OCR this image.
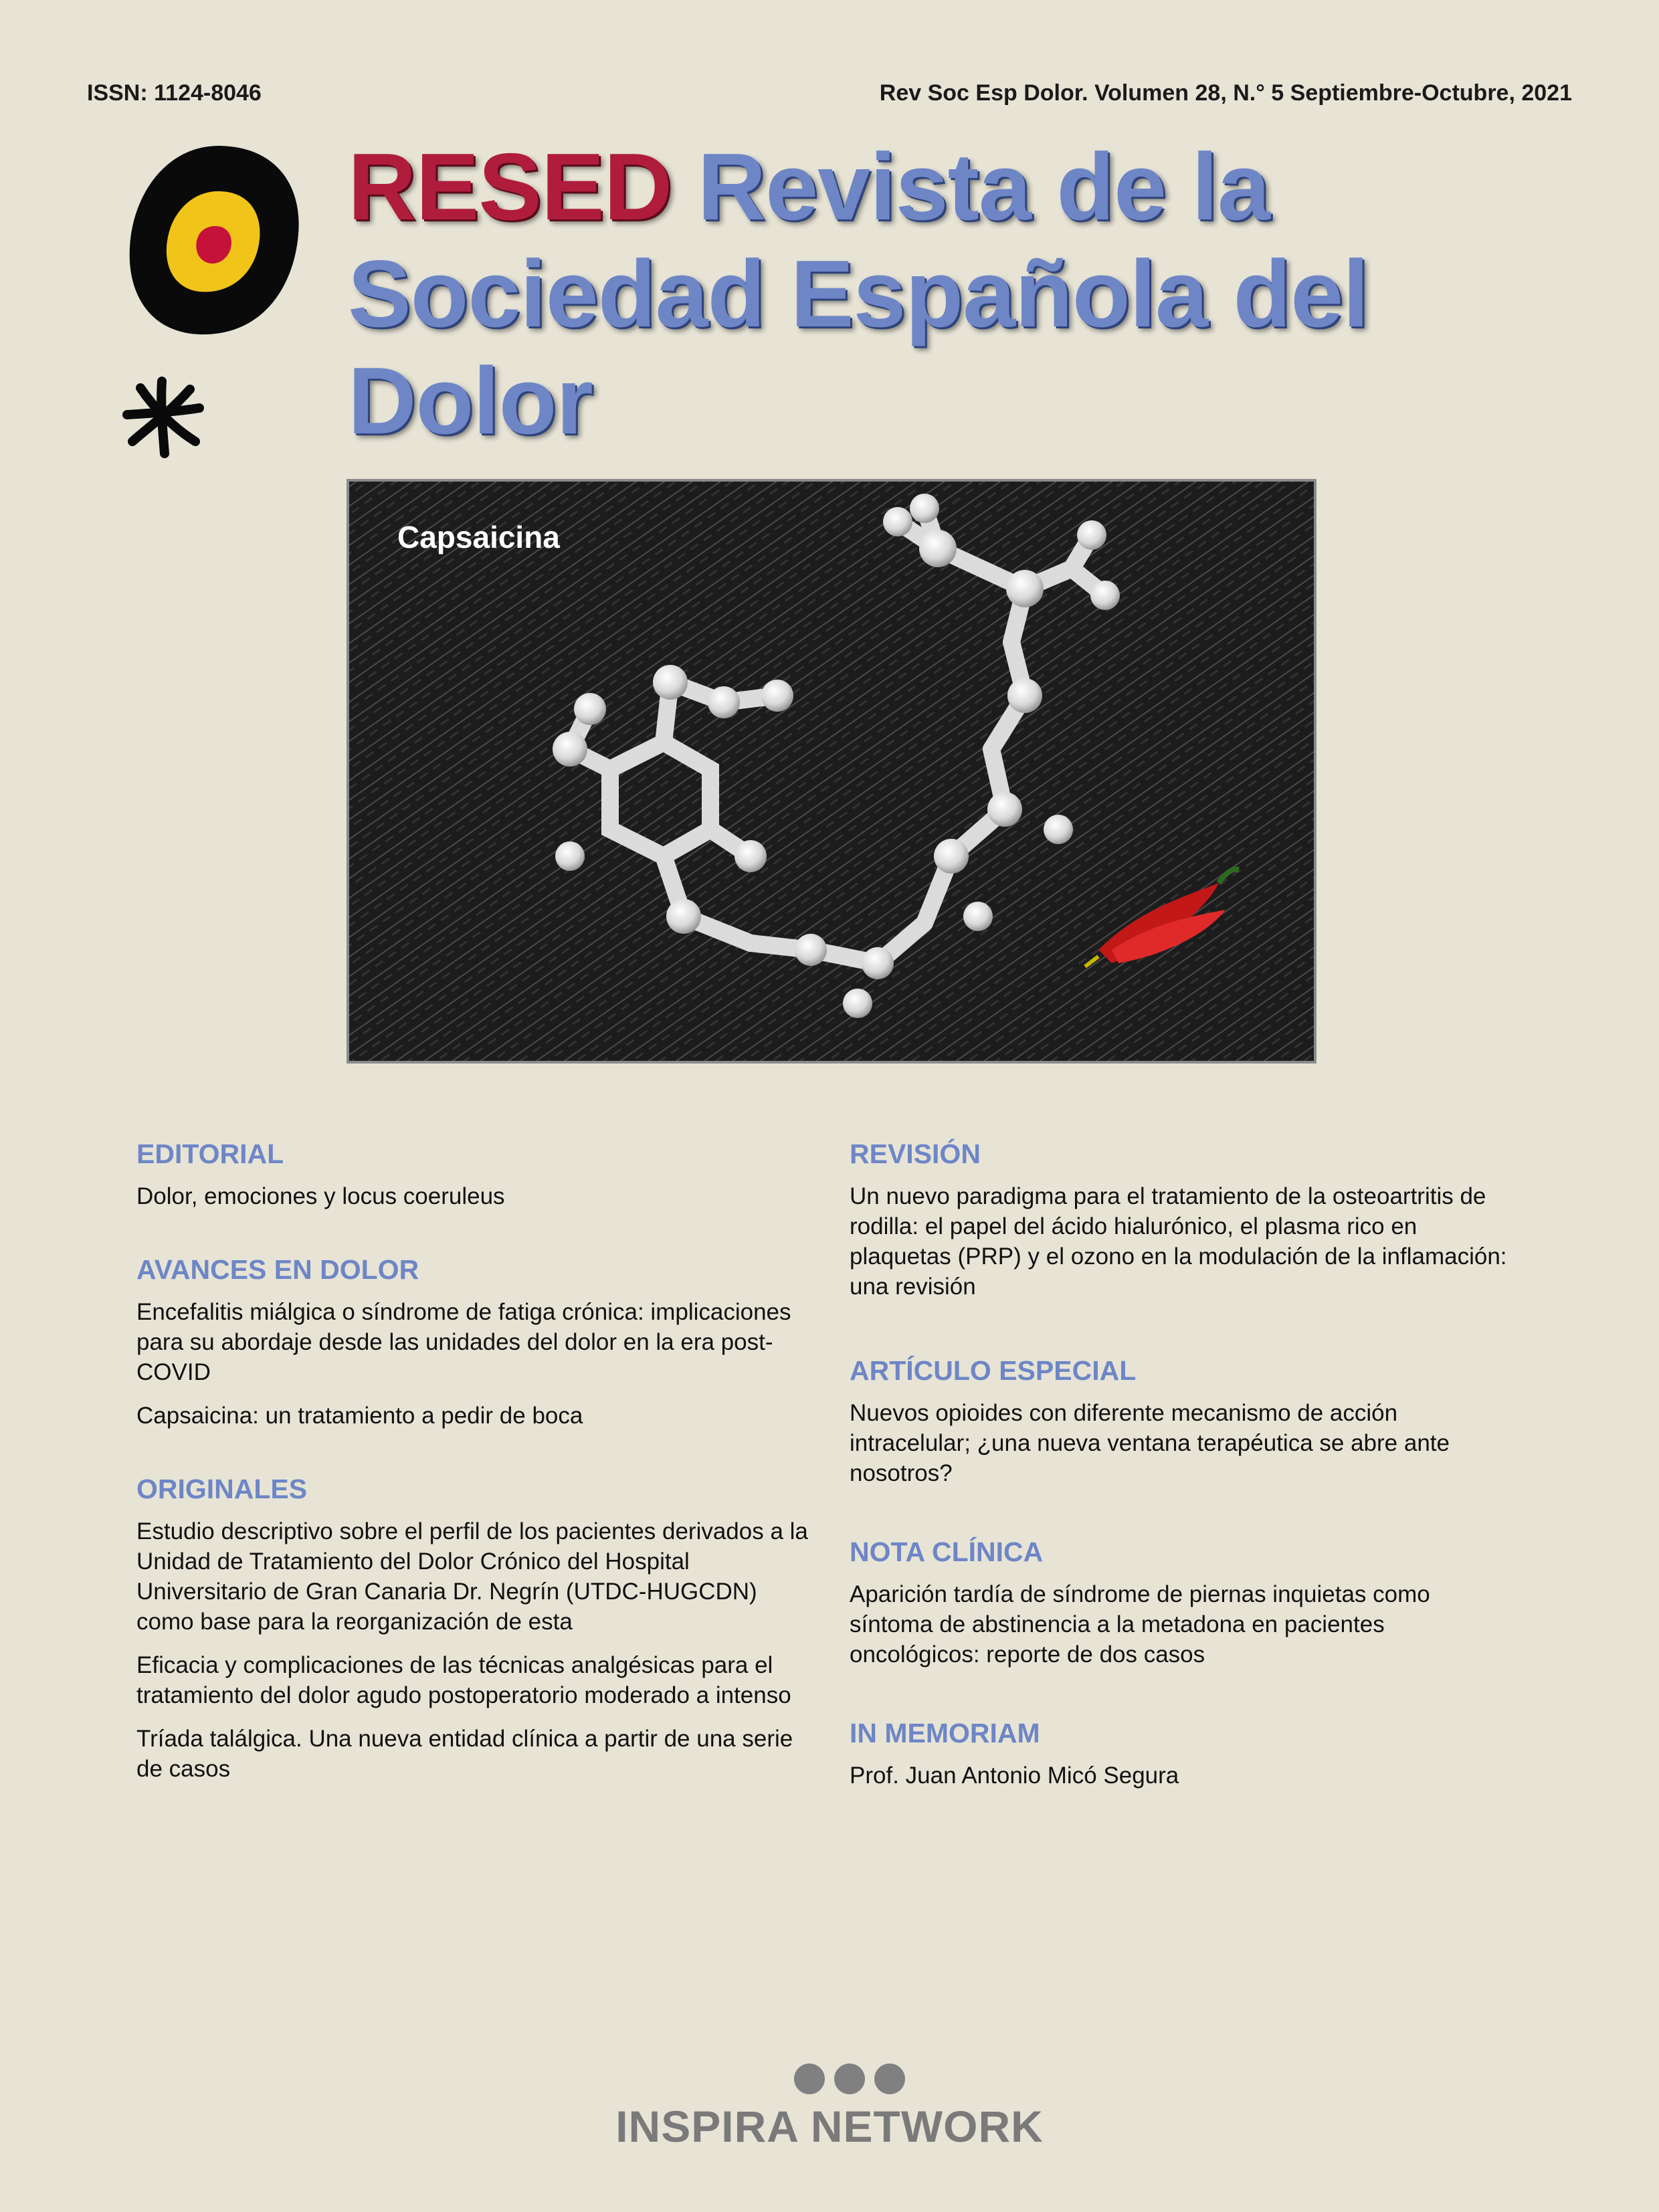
ISSN: 1124-8046	Rev Soc Esp Dolor. Volumen 28, N.° 5 Septiembre-Octubre, 2021
RESED Revista de la
Sociedad Española del Dolor
Capsaicina
EDITORIAL
Dolor, emociones y locus coeruleus
AVANCES EN DOLOR
Encefalitis miálgica o síndrome de fatiga crónica: implicaciones para su abordaje desde las unidades del dolor en la era post-COVID
Capsaicina: un tratamiento a pedir de boca
ORIGINALES
Estudio descriptivo sobre el perfil de los pacientes derivados a la Unidad de Tratamiento del Dolor Crónico del Hospital Universitario de Gran Canaria Dr. Negrín (UTDC-HUGCDN) como base para la reorganización de esta
Eficacia y complicaciones de las técnicas analgésicas para el tratamiento del dolor agudo postoperatorio moderado a intenso
Tríada találgica. Una nueva entidad clínica a partir de una serie de casos
REVISIÓN
Un nuevo paradigma para el tratamiento de la osteoartritis de rodilla: el papel del ácido hialurónico, el plasma rico en plaquetas (PRP) y el ozono en la modulación de la inflamación: una revisión
ARTÍCULO ESPECIAL
Nuevos opioides con diferente mecanismo de acción intracelular; ¿una nueva ventana terapéutica se abre ante nosotros?
NOTA CLÍNICA
Aparición tardía de síndrome de piernas inquietas como síntoma de abstinencia a la metadona en pacientes oncológicos: reporte de dos casos
IN MEMORIAM
Prof. Juan Antonio Micó Segura
INSPIRA NETWORK
